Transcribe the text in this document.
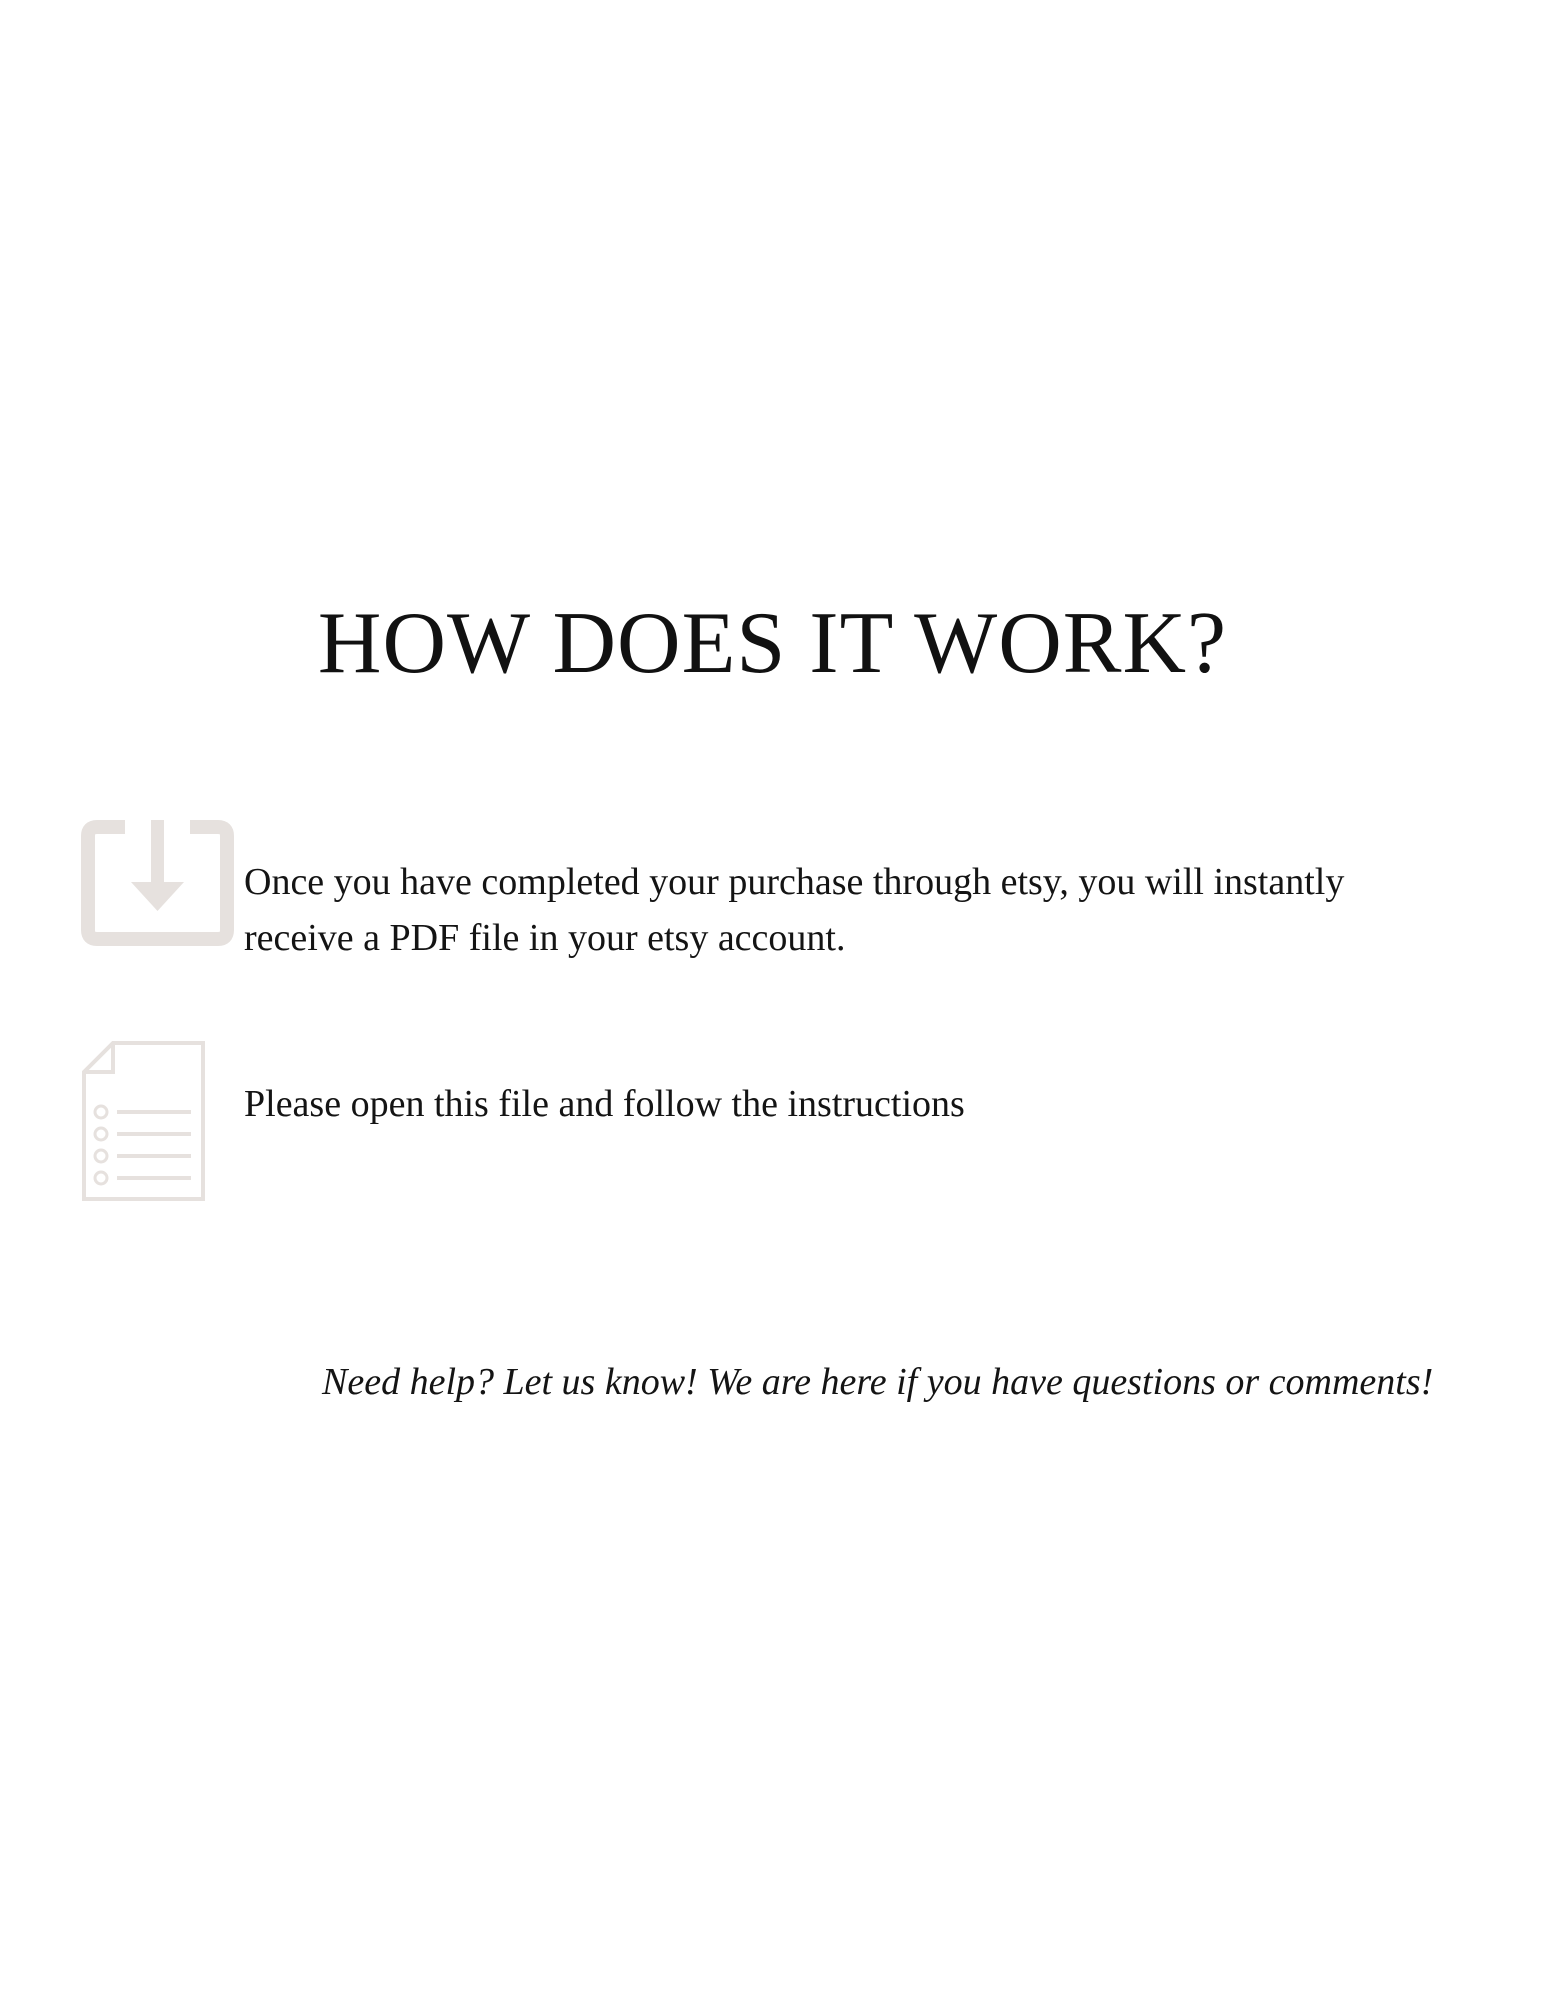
HOW DOES IT WORK?

Once you have completed your purchase through etsy, you will instantly receive a PDF file in your etsy account.

Please open this file and follow the instructions

Need help? Let us know! We are here if you have questions or comments!
